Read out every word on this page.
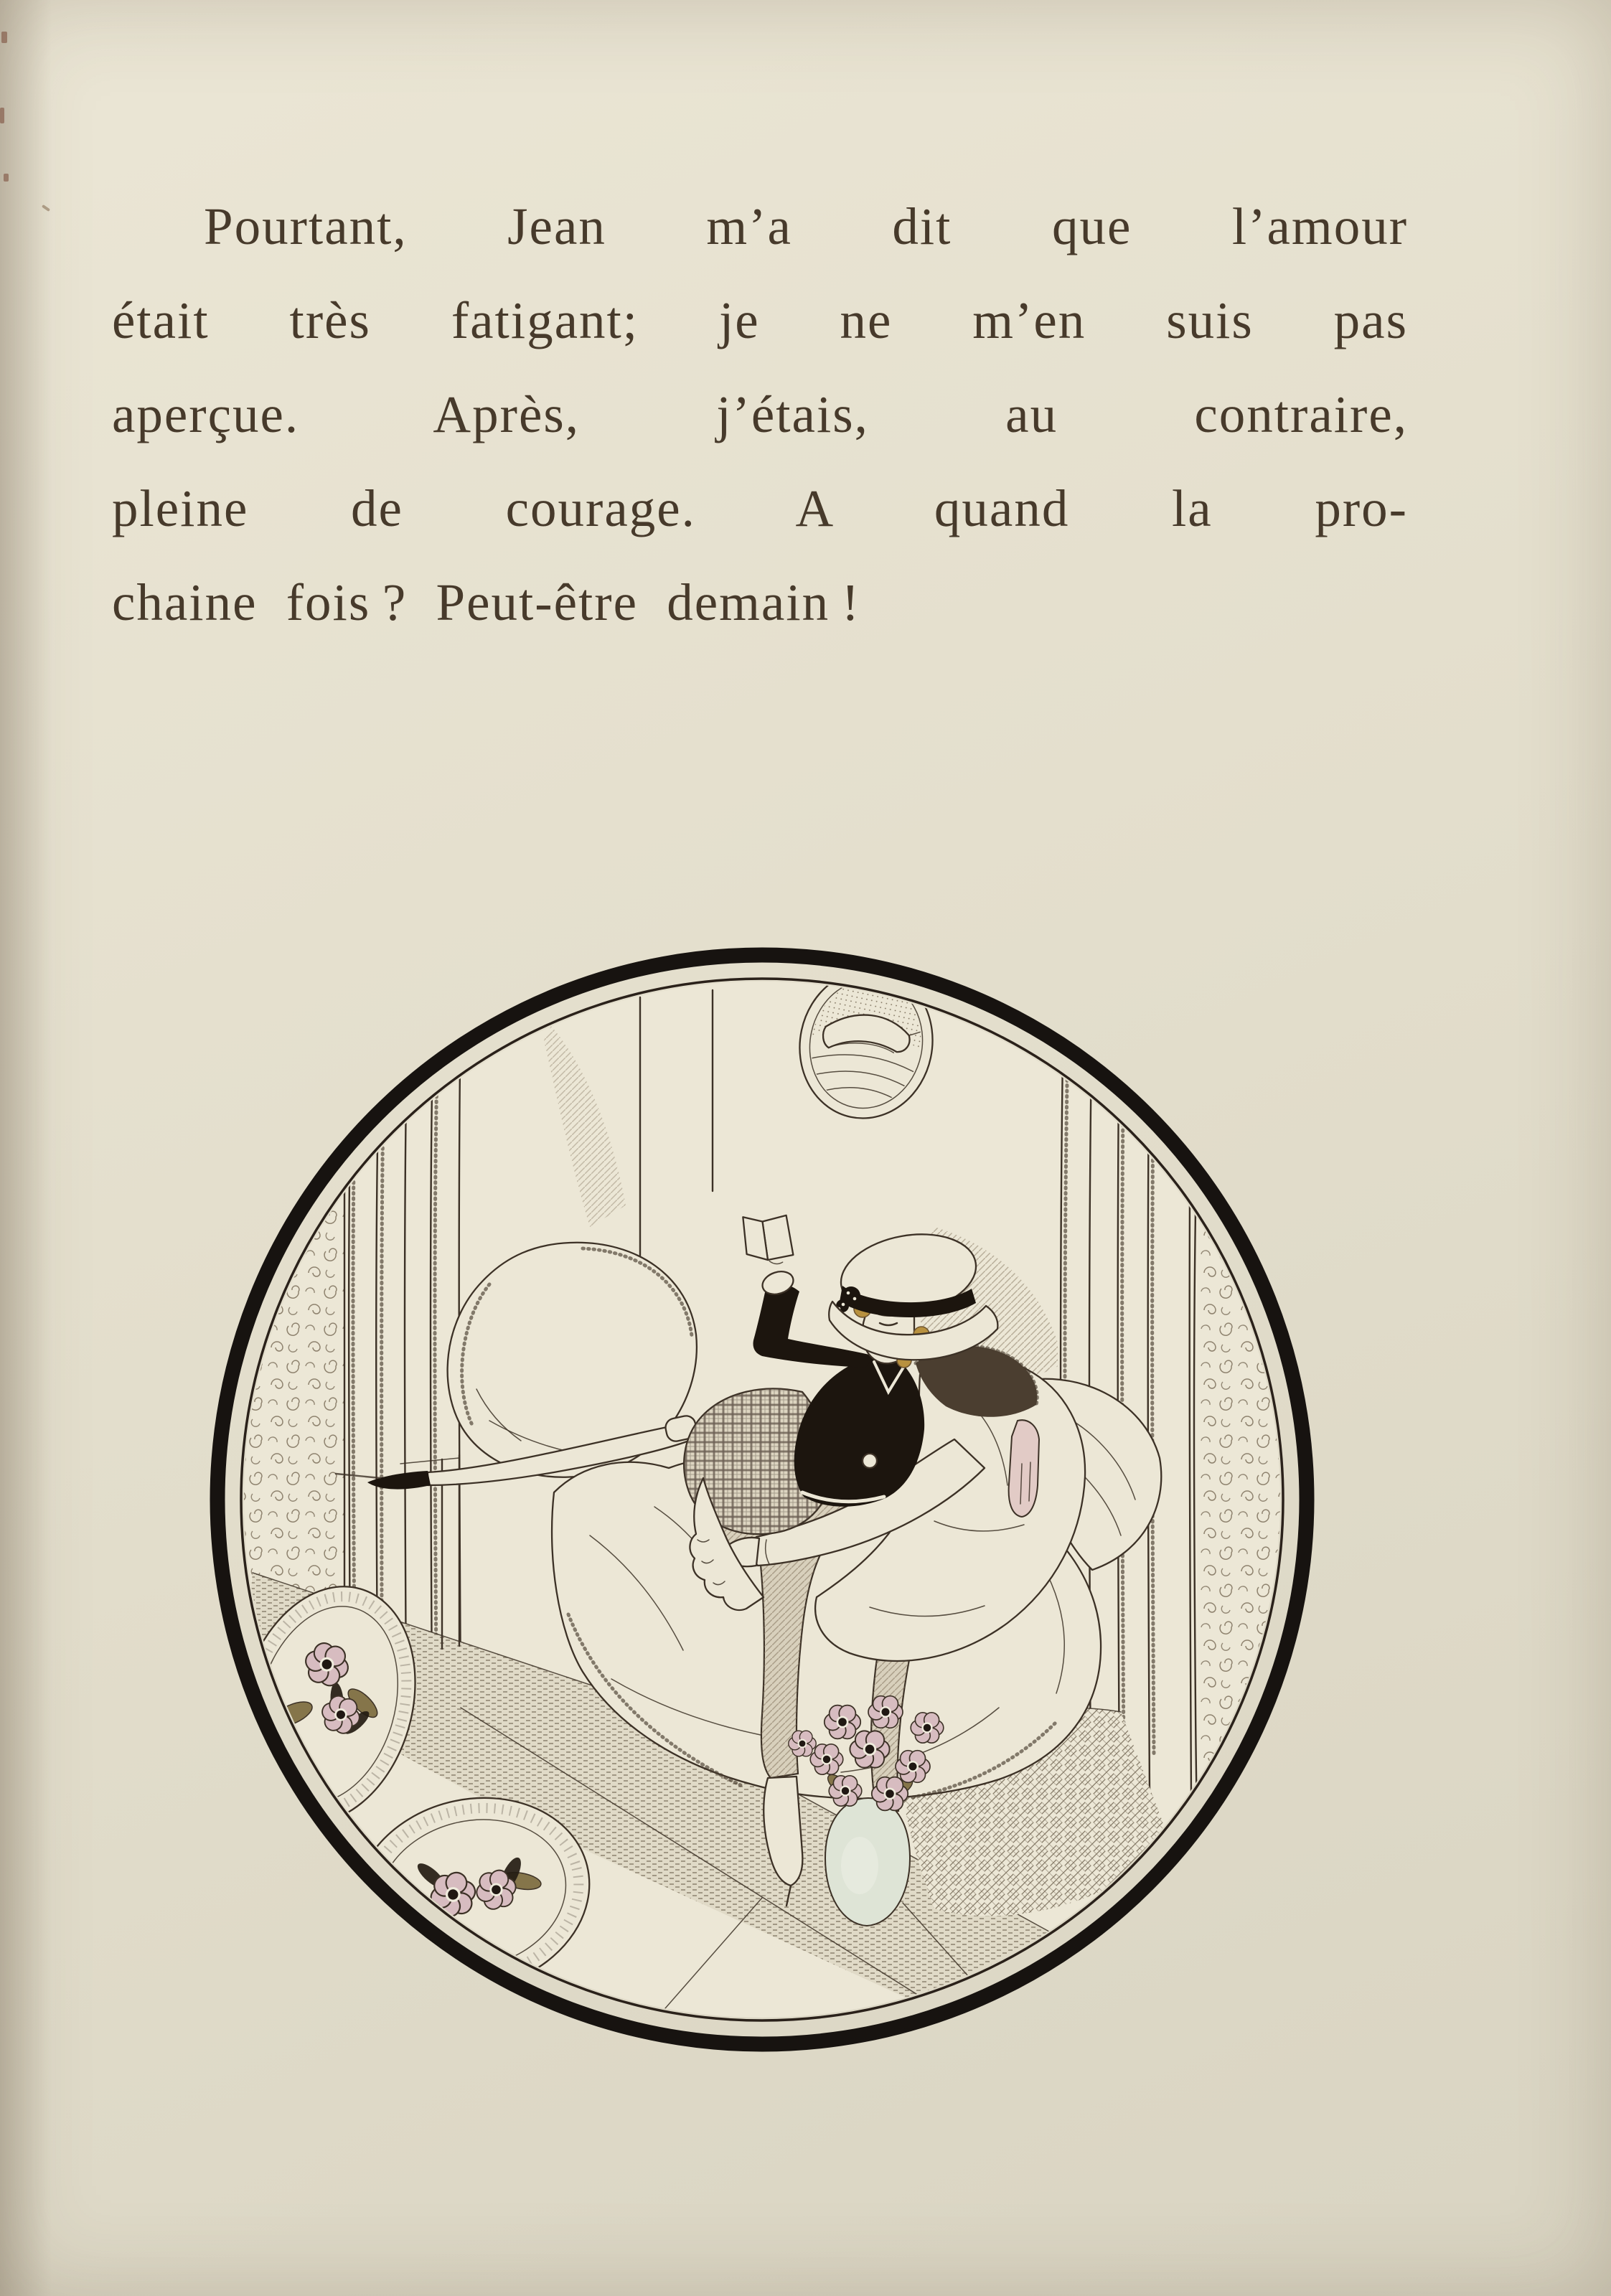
Pourtant, Jean m’a dit que l’amour
était très fatigant; je ne m’en suis pas
aperçue. Après, j’étais, au contraire,
pleine de courage. A quand la pro-
chaine fois ? Peut-être demain !
